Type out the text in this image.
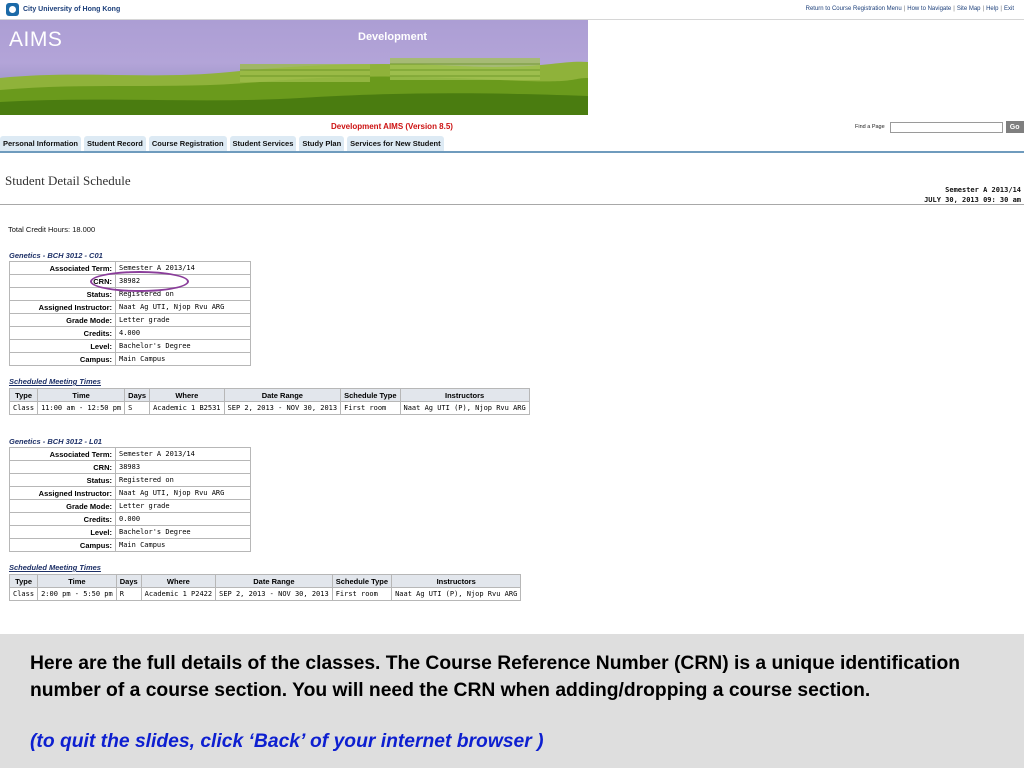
City University of Hong Kong	Return to Course Registration Menu | How to Navigate | Site Map | Help | Exit
AIMS	Development
Development AIMS (Version 8.5)	Find a Page	Go
Personal Information	Student Record	Course Registration	Student Services	Study Plan	Services for New Student
Student Detail Schedule
Semester A 2013/14
JULY 30, 2013 09: 30 am
Total Credit Hours: 18.000
Genetics - BCH 3012 - C01
Associated Term:	Semester A 2013/14
CRN:	38982
Status:	Registered on
Assigned Instructor:	Naat Ag UTI, Njop Rvu ARG
Grade Mode:	Letter grade
Credits:	4.000
Level:	Bachelor's Degree
Campus:	Main Campus
Scheduled Meeting Times
Type	Time	Days	Where	Date Range	Schedule Type	Instructors
Class	11:00 am - 12:50 pm	S	Academic 1 B2531	SEP 2, 2013 - NOV 30, 2013	First room	Naat Ag UTI (P), Njop Rvu ARG
Genetics - BCH 3012 - L01
Associated Term:	Semester A 2013/14
CRN:	38983
Status:	Registered on
Assigned Instructor:	Naat Ag UTI, Njop Rvu ARG
Grade Mode:	Letter grade
Credits:	0.000
Level:	Bachelor's Degree
Campus:	Main Campus
Scheduled Meeting Times
Type	Time	Days	Where	Date Range	Schedule Type	Instructors
Class	2:00 pm - 5:50 pm	R	Academic 1 P2422	SEP 2, 2013 - NOV 30, 2013	First room	Naat Ag UTI (P), Njop Rvu ARG
Here are the full details of the classes. The Course Reference Number (CRN) is a unique identification number of a course section. You will need the CRN when adding/dropping a course section.
(to quit the slides, click ‘Back’ of your internet browser )
